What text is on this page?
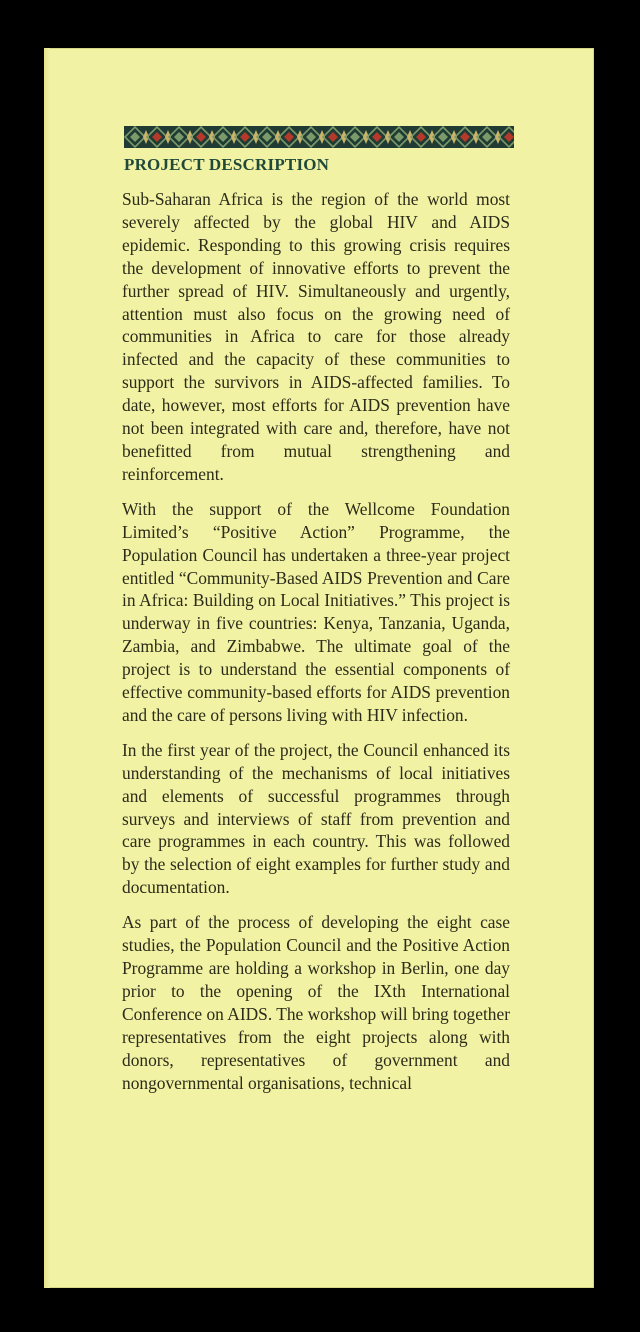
PROJECT DESCRIPTION

Sub-Saharan Africa is the region of the world most severely affected by the global HIV and AIDS epidemic. Responding to this growing crisis requires the development of innovative efforts to prevent the further spread of HIV. Simultaneously and urgently, attention must also focus on the growing need of communities in Africa to care for those already infected and the capacity of these communities to support the survivors in AIDS-affected families. To date, however, most efforts for AIDS prevention have not been integrated with care and, therefore, have not benefitted from mutual strengthening and reinforcement.

With the support of the Wellcome Foundation Limited’s “Positive Action” Programme, the Population Council has undertaken a three-year project entitled “Community-Based AIDS Prevention and Care in Africa: Building on Local Initiatives.” This project is underway in five countries: Kenya, Tanzania, Uganda, Zambia, and Zimbabwe. The ultimate goal of the project is to understand the essential components of effective community-based efforts for AIDS prevention and the care of persons living with HIV infection.

In the first year of the project, the Council enhanced its understanding of the mechanisms of local initiatives and elements of successful programmes through surveys and interviews of staff from prevention and care programmes in each country. This was followed by the selection of eight examples for further study and documentation.

As part of the process of developing the eight case studies, the Population Council and the Positive Action Programme are holding a workshop in Berlin, one day prior to the opening of the IXth International Conference on AIDS. The workshop will bring together representatives from the eight projects along with donors, representatives of government and nongovernmental organisations, technical
